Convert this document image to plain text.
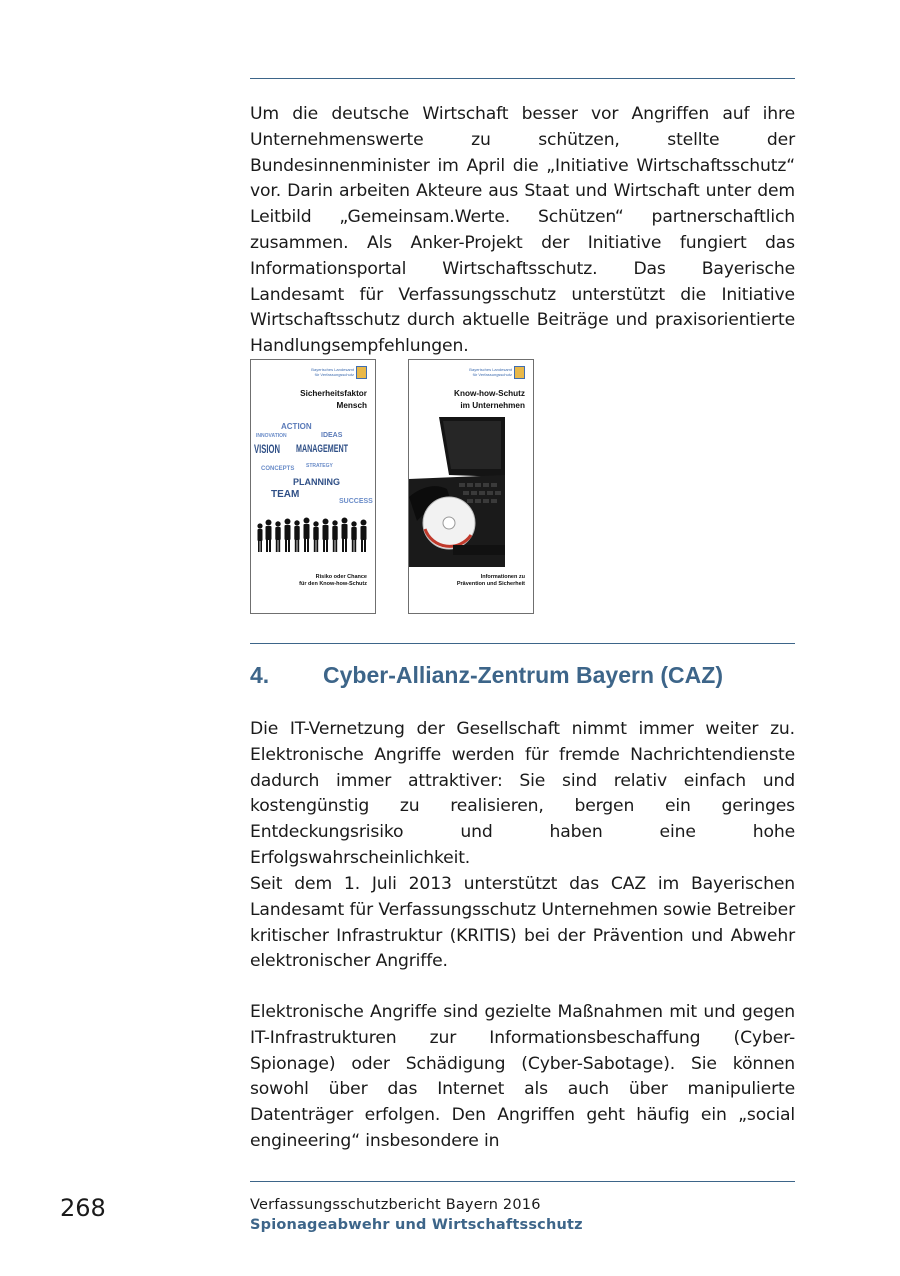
Um die deutsche Wirtschaft besser vor Angriffen auf ihre Unternehmenswerte zu schützen, stellte der Bundesinnenminister im April die „Initiative Wirtschaftsschutz“ vor. Darin arbeiten Akteure aus Staat und Wirtschaft unter dem Leitbild „Gemeinsam.Werte. Schützen“ partnerschaftlich zusammen. Als Anker-Projekt der Initiative fungiert das Informationsportal Wirtschaftsschutz. Das Bayerische Landesamt für Verfassungsschutz unterstützt die Initiative Wirtschaftsschutz durch aktuelle Beiträge und praxisorientierte Handlungsempfehlungen.

Bayerisches Landesamt
für Verfassungsschutz
Sicherheitsfaktor
Mensch
VISION MANAGEMENT
ACTION
IDEAS
TEAM
PLANNING
SUCCESS
CONCEPTS STRATEGY
INNOVATION
Risiko oder Chance
für den Know-how-Schutz
Bayerisches Landesamt
für Verfassungsschutz
Know-how-Schutz
im Unternehmen
Informationen zu
Prävention und Sicherheit
4. Cyber-Allianz-Zentrum Bayern (CAZ)

Die IT-Vernetzung der Gesellschaft nimmt immer weiter zu. Elektronische Angriffe werden für fremde Nachrichtendienste dadurch immer attraktiver: Sie sind relativ einfach und kostengünstig zu realisieren, bergen ein geringes Entdeckungsrisiko und haben eine hohe Erfolgswahrscheinlichkeit.

Seit dem 1. Juli 2013 unterstützt das CAZ im Bayerischen Landesamt für Verfassungsschutz Unternehmen sowie Betreiber kritischer Infrastruktur (KRITIS) bei der Prävention und Abwehr elektronischer Angriffe.

Elektronische Angriffe sind gezielte Maßnahmen mit und gegen IT-Infrastrukturen zur Informationsbeschaffung (Cyber-Spionage) oder Schädigung (Cyber-Sabotage). Sie können sowohl über das Internet als auch über manipulierte Datenträger erfolgen. Den Angriffen geht häufig ein „social engineering“ insbesondere in

268	Verfassungsschutzbericht Bayern 2016
Spionageabwehr und Wirtschaftsschutz
